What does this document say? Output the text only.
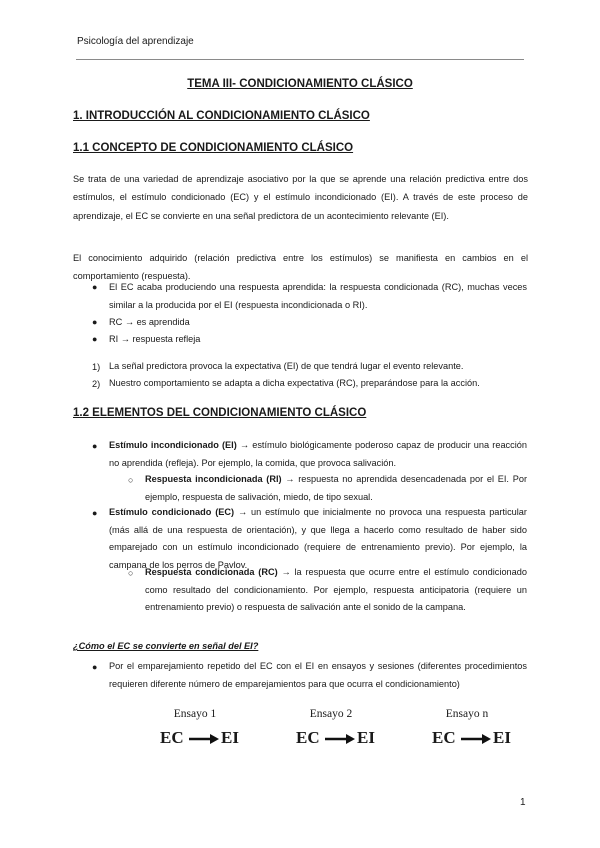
Psicología del aprendizaje
TEMA III- CONDICIONAMIENTO CLÁSICO
1. INTRODUCCIÓN AL CONDICIONAMIENTO CLÁSICO
1.1 CONCEPTO DE CONDICIONAMIENTO CLÁSICO
Se trata de una variedad de aprendizaje asociativo por la que se aprende una relación predictiva entre dos estímulos, el estímulo condicionado (EC) y el estímulo incondicionado (EI). A través de este proceso de aprendizaje, el EC se convierte en una señal predictora de un acontecimiento relevante (EI).
El conocimiento adquirido (relación predictiva entre los estímulos) se manifiesta en cambios en el comportamiento (respuesta).
● El EC acaba produciendo una respuesta aprendida: la respuesta condicionada (RC), muchas veces similar a la producida por el EI (respuesta incondicionada o RI).
● RC → es aprendida
● RI → respuesta refleja
1) La señal predictora provoca la expectativa (EI) de que tendrá lugar el evento relevante.
2) Nuestro comportamiento se adapta a dicha expectativa (RC), preparándose para la acción.
1.2 ELEMENTOS DEL CONDICIONAMIENTO CLÁSICO
● Estímulo incondicionado (EI) → estímulo biológicamente poderoso capaz de producir una reacción no aprendida (refleja). Por ejemplo, la comida, que provoca salivación.
○ Respuesta incondicionada (RI) → respuesta no aprendida desencadenada por el EI. Por ejemplo, respuesta de salivación, miedo, de tipo sexual.
● Estímulo condicionado (EC) → un estímulo que inicialmente no provoca una respuesta particular (más allá de una respuesta de orientación), y que llega a hacerlo como resultado de haber sido emparejado con un estímulo incondicionado (requiere de entrenamiento previo). Por ejemplo, la campana de los perros de Pavlov.
○ Respuesta condicionada (RC) → la respuesta que ocurre entre el estímulo condicionado como resultado del condicionamiento. Por ejemplo, respuesta anticipatoria (requiere un entrenamiento previo) o respuesta de salivación ante el sonido de la campana.
¿Cómo el EC se convierte en señal del EI?
● Por el emparejamiento repetido del EC con el EI en ensayos y sesiones (diferentes procedimientos requieren diferente número de emparejamientos para que ocurra el condicionamiento)
Ensayo 1
EC EI
Ensayo 2
EC EI
Ensayo n
EC EI
1
